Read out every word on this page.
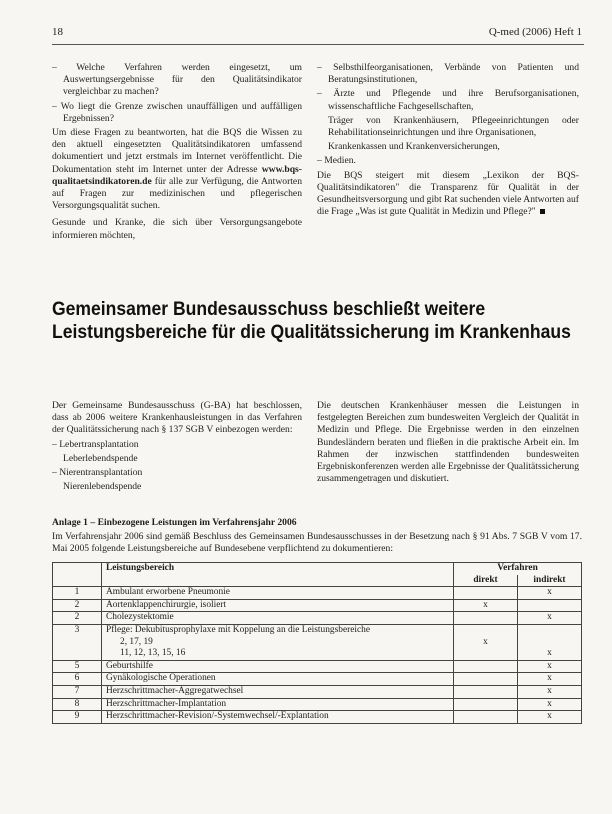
18	Q-med (2006) Heft 1

– Welche Verfahren werden eingesetzt, um Auswertungsergebnisse für den Qualitätsindikator vergleichbar zu machen?

– Wo liegt die Grenze zwischen unauffälligen und auffälligen Ergebnissen?

Um diese Fragen zu beantworten, hat die BQS die Wissen zu den aktuell eingesetzten Qualitätsindikatoren umfassend dokumentiert und jetzt erstmals im Internet veröffentlicht. Die Dokumentation steht im Internet unter der Adresse www.bqs-qualitaetsindikatoren.de für alle zur Verfügung, die Antworten auf Fragen zur medizinischen und pflegerischen Versorgungsqualität suchen.

Gesunde und Kranke, die sich über Versorgungsangebote informieren möchten,

– Selbsthilfeorganisationen, Verbände von Patienten und Beratungsinstitutionen,

– Ärzte und Pflegende und ihre Berufsorganisationen, wissenschaftliche Fachgesellschaften,

Träger von Krankenhäusern, Pflegeeinrichtungen oder Rehabilitationseinrichtungen und ihre Organisationen,

Krankenkassen und Krankenversicherungen,

– Medien.

Die BQS steigert mit diesem „Lexikon der BQS-Qualitätsindikatoren" die Transparenz für Qualität in der Gesundheitsversorgung und gibt Rat suchenden viele Antworten auf die Frage „Was ist gute Qualität in Medizin und Pflege?"

Gemeinsamer Bundesausschuss beschließt weitere Leistungsbereiche für die Qualitätssicherung im Krankenhaus

Der Gemeinsame Bundesausschuss (G-BA) hat beschlossen, dass ab 2006 weitere Krankenhausleistungen in das Verfahren der Qualitätssicherung nach § 137 SGB V einbezogen werden:

– Lebertransplantation

Leberlebendspende

– Nierentransplantation

Nierenlebendspende

Die deutschen Krankenhäuser messen die Leistungen in festgelegten Bereichen zum bundesweiten Vergleich der Qualität in Medizin und Pflege. Die Ergebnisse werden in den einzelnen Bundesländern beraten und fließen in die praktische Arbeit ein. Im Rahmen der inzwischen stattfindenden bundesweiten Ergebniskonferenzen werden alle Ergebnisse der Qualitätssicherung zusammengetragen und diskutiert.

Anlage 1 – Einbezogene Leistungen im Verfahrensjahr 2006
Im Verfahrensjahr 2006 sind gemäß Beschluss des Gemeinsamen Bundesausschusses in der Besetzung nach § 91 Abs. 7 SGB V vom 17. Mai 2005 folgende Leistungsbereiche auf Bundesebene verpflichtend zu dokumentieren:
	Leistungsbereich	Verfahren	
		direkt	indirekt
1	Ambulant erworbene Pneumonie		x
2	Aortenklappenchirurgie, isoliert	x	
2	Cholezystektomie		x
3	Pflege: Dekubitusprophylaxe mit Koppelung an die Leistungsbereiche		
	2, 17, 19	x	
	11, 12, 13, 15, 16		x
5	Geburtshilfe		x
6	Gynäkologische Operationen		x
7	Herzschrittmacher-Aggregatwechsel		x
8	Herzschrittmacher-Implantation		x
9	Herzschrittmacher-Revision/-Systemwechsel/-Explantation		x
